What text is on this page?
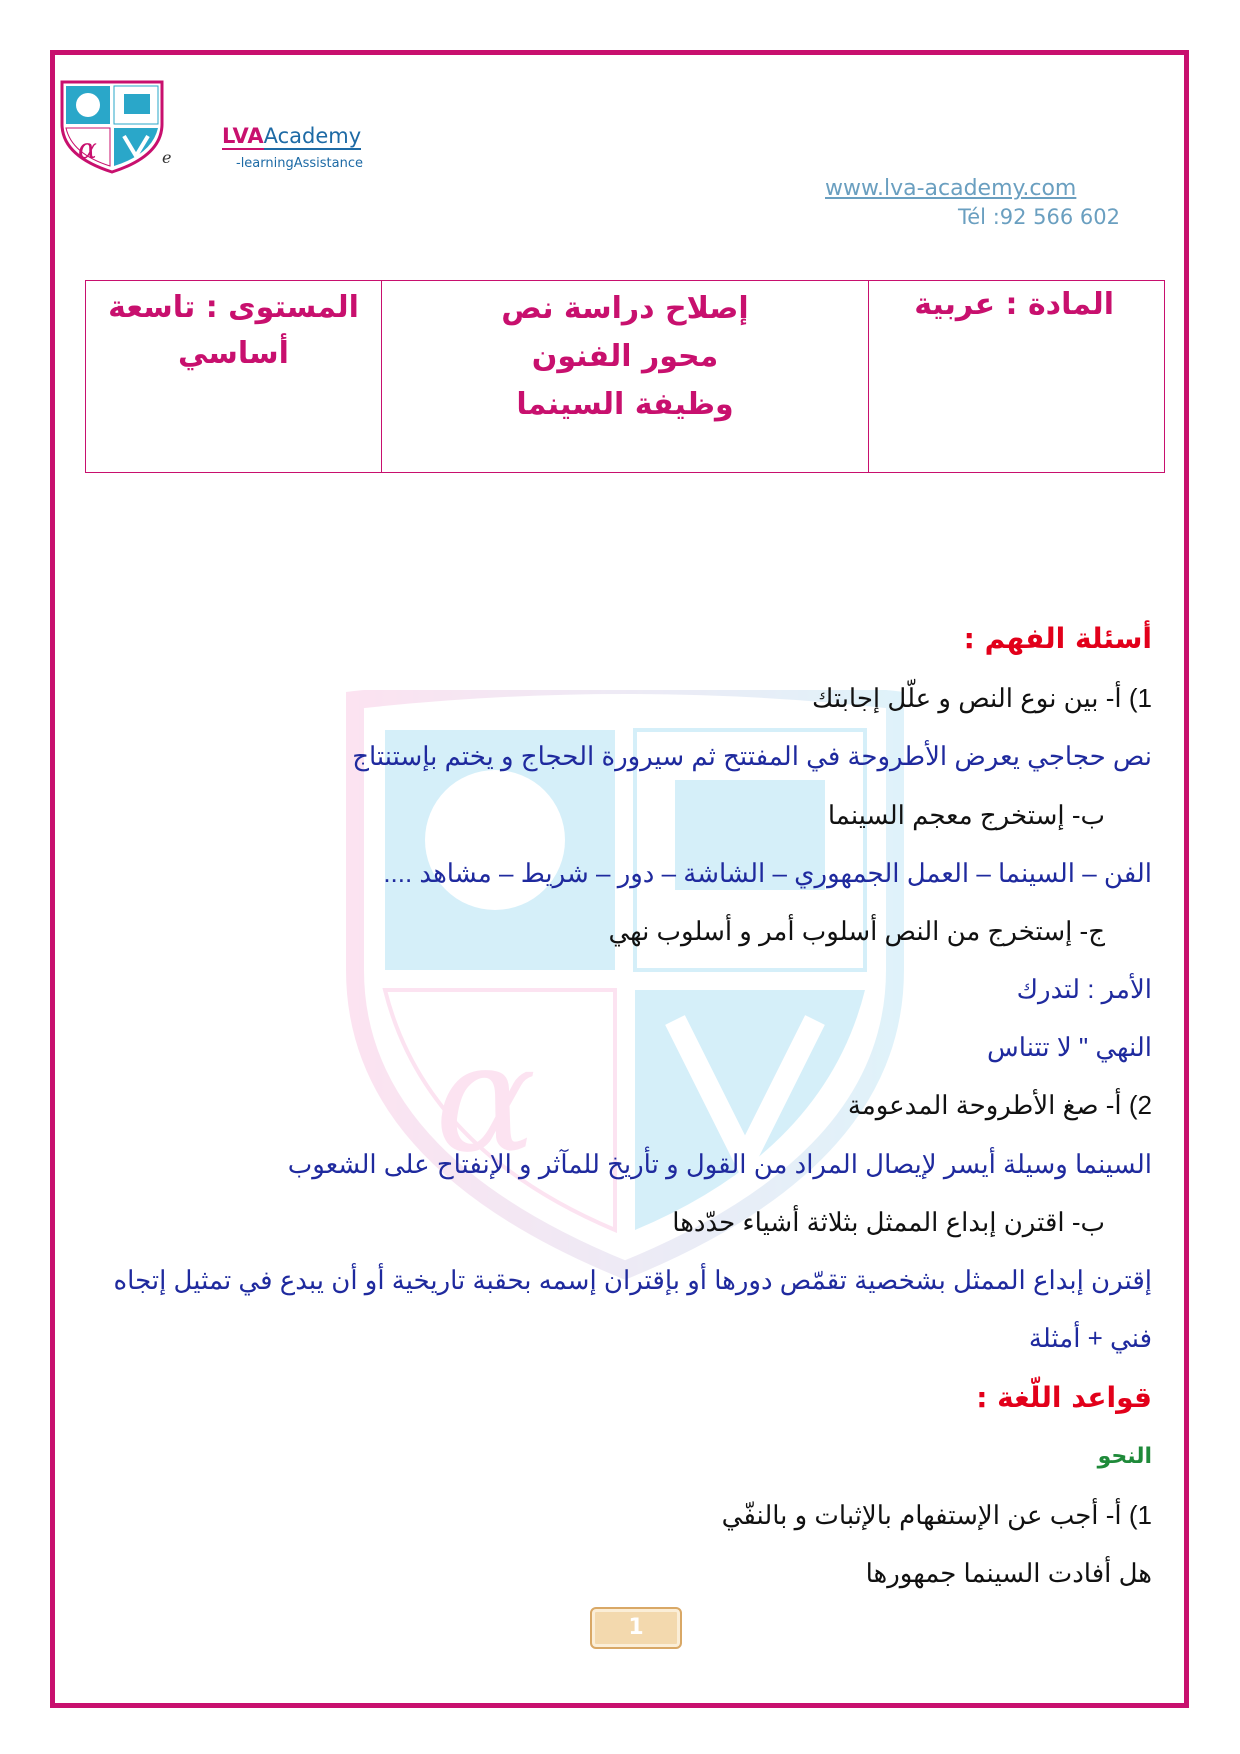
α	e
LVAAcademy
-learningAssistance
www.lva-academy.com
Tél :92 566 602
المستوى : تاسعة
أساسي
إصلاح دراسة نص
محور الفنون
وظيفة السينما
المادة : عربية
α
أسئلة الفهم :
1) أ- بين نوع النص و علّل إجابتك
نص حجاجي يعرض الأطروحة في المفتتح ثم سيرورة الحجاج و يختم بإستنتاج
ب- إستخرج معجم السينما
الفن – السينما – العمل الجمهوري – الشاشة – دور – شريط – مشاهد ....
ج- إستخرج من النص أسلوب أمر و أسلوب نهي
الأمر : لتدرك
النهي " لا تتناس
2) أ- صغ الأطروحة المدعومة
السينما وسيلة أيسر لإيصال المراد من القول و تأريخ للمآثر و الإنفتاح على الشعوب
ب- اقترن إبداع الممثل بثلاثة أشياء حدّدها
إقترن إبداع الممثل بشخصية تقمّص دورها أو بإقتران إسمه بحقبة تاريخية أو أن يبدع في تمثيل إتجاه
فني + أمثلة
قواعد اللّغة :
النحو
1) أ- أجب عن الإستفهام بالإثبات و بالنفّي
هل أفادت السينما جمهورها
1
